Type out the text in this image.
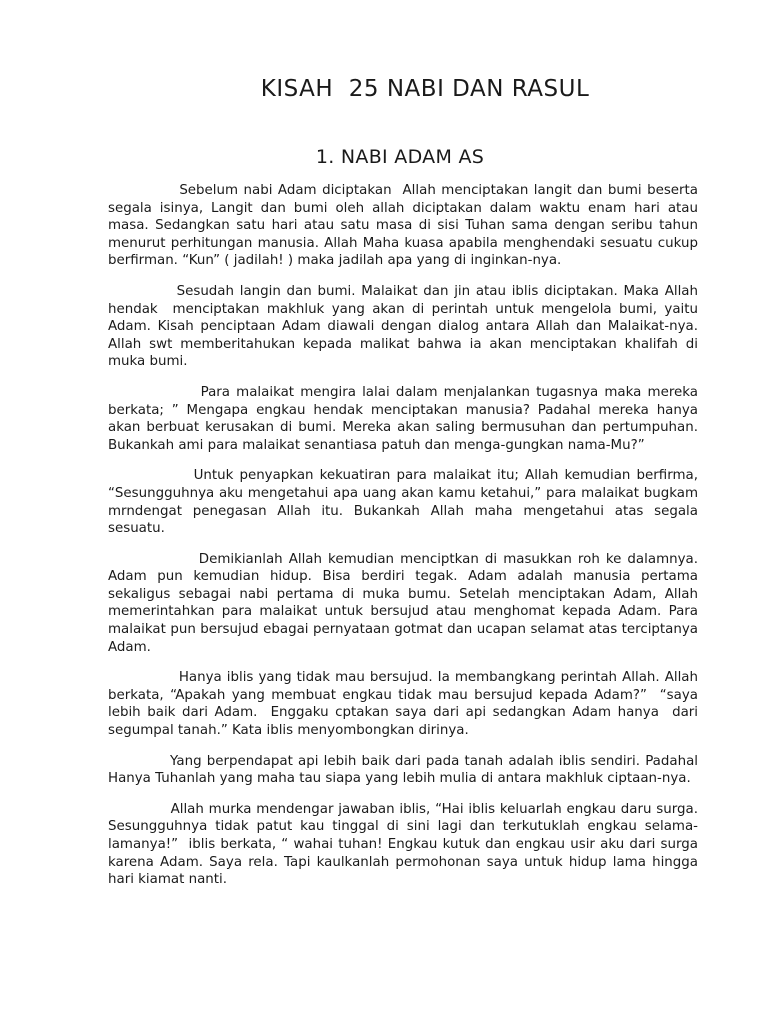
KISAH  25 NABI DAN RASUL
1. NABI ADAM AS

Sebelum nabi Adam diciptakan  Allah menciptakan langit dan bumi beserta segala isinya, Langit dan bumi oleh allah diciptakan dalam waktu enam hari atau masa. Sedangkan satu hari atau satu masa di sisi Tuhan sama dengan seribu tahun menurut perhitungan manusia. Allah Maha kuasa apabila menghendaki sesuatu cukup berfirman. “Kun” ( jadilah! ) maka jadilah apa yang di inginkan-nya.

Sesudah langin dan bumi. Malaikat dan jin atau iblis diciptakan. Maka Allah hendak  menciptakan makhluk yang akan di perintah untuk mengelola bumi, yaitu Adam. Kisah penciptaan Adam diawali dengan dialog antara Allah dan Malaikat-nya. Allah swt memberitahukan kepada malikat bahwa ia akan menciptakan khalifah di muka bumi.

Para malaikat mengira lalai dalam menjalankan tugasnya maka mereka berkata; ” Mengapa engkau hendak menciptakan manusia? Padahal mereka hanya akan berbuat kerusakan di bumi. Mereka akan saling bermusuhan dan pertumpuhan. Bukankah ami para malaikat senantiasa patuh dan menga-gungkan nama-Mu?”

Untuk penyapkan kekuatiran para malaikat itu; Allah kemudian berfirma, “Sesungguhnya aku mengetahui apa uang akan kamu ketahui,” para malaikat bugkam mrndengat penegasan Allah itu. Bukankah Allah maha mengetahui atas segala sesuatu.

Demikianlah Allah kemudian menciptkan di masukkan roh ke dalamnya. Adam pun kemudian hidup. Bisa berdiri tegak. Adam adalah manusia pertama sekaligus sebagai nabi pertama di muka bumu. Setelah menciptakan Adam, Allah memerintahkan para malaikat untuk bersujud atau menghomat kepada Adam. Para malaikat pun bersujud ebagai pernyataan gotmat dan ucapan selamat atas terciptanya Adam.

Hanya iblis yang tidak mau bersujud. Ia membangkang perintah Allah. Allah berkata, “Apakah yang membuat engkau tidak mau bersujud kepada Adam?”  “saya lebih baik dari Adam.  Enggaku cptakan saya dari api sedangkan Adam hanya  dari segumpal tanah.” Kata iblis menyombongkan dirinya.

Yang berpendapat api lebih baik dari pada tanah adalah iblis sendiri. Padahal Hanya Tuhanlah yang maha tau siapa yang lebih mulia di antara makhluk ciptaan-nya.

Allah murka mendengar jawaban iblis, “Hai iblis keluarlah engkau daru surga. Sesungguhnya tidak patut kau tinggal di sini lagi dan terkutuklah engkau selama-lamanya!”  iblis berkata, “ wahai tuhan! Engkau kutuk dan engkau usir aku dari surga karena Adam. Saya rela. Tapi kaulkanlah permohonan saya untuk hidup lama hingga hari kiamat nanti.
